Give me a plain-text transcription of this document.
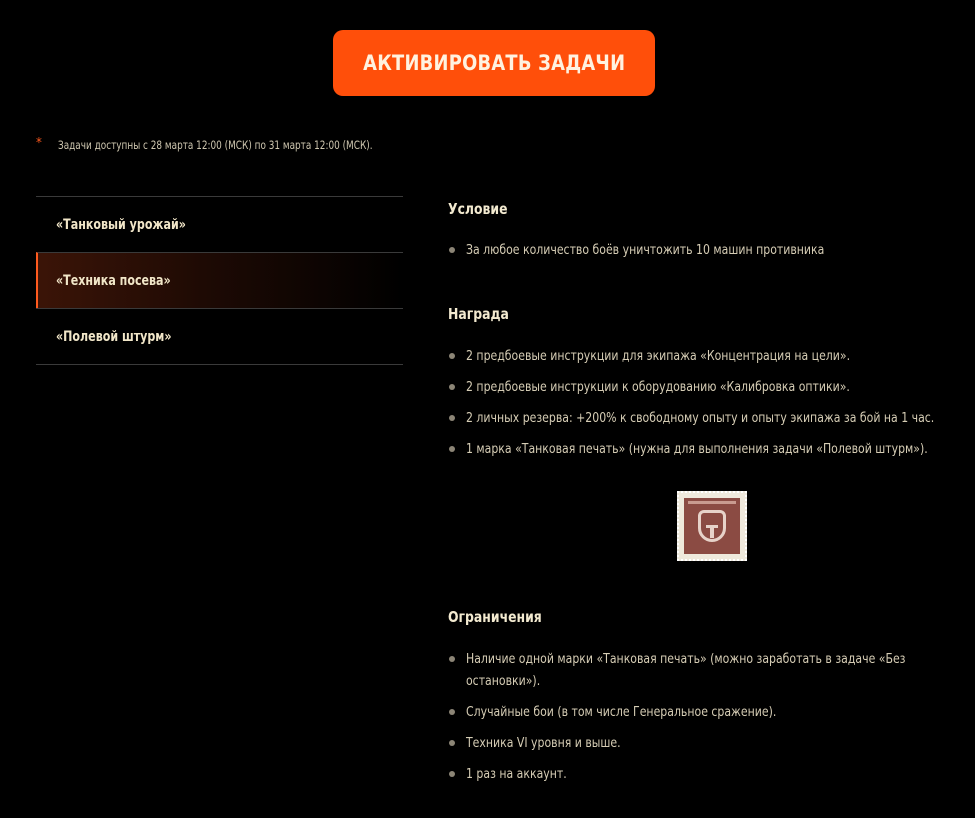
АКТИВИРОВАТЬ ЗАДАЧИ
* Задачи доступны с 28 марта 12:00 (МСК) по 31 марта 12:00 (МСК).
«Танковый урожай»
«Техника посева»
«Полевой штурм»
Условие
За любое количество боёв уничтожить 10 машин противника
Награда
2 предбоевые инструкции для экипажа «Концентрация на цели».
2 предбоевые инструкции к оборудованию «Калибровка оптики».
2 личных резерва: +200% к свободному опыту и опыту экипажа за бой на 1 час.
1 марка «Танковая печать» (нужна для выполнения задачи «Полевой штурм»).
Ограничения
Наличие одной марки «Танковая печать» (можно заработать в задаче «Без остановки»).
Случайные бои (в том числе Генеральное сражение).
Техника VI уровня и выше.
1 раз на аккаунт.
